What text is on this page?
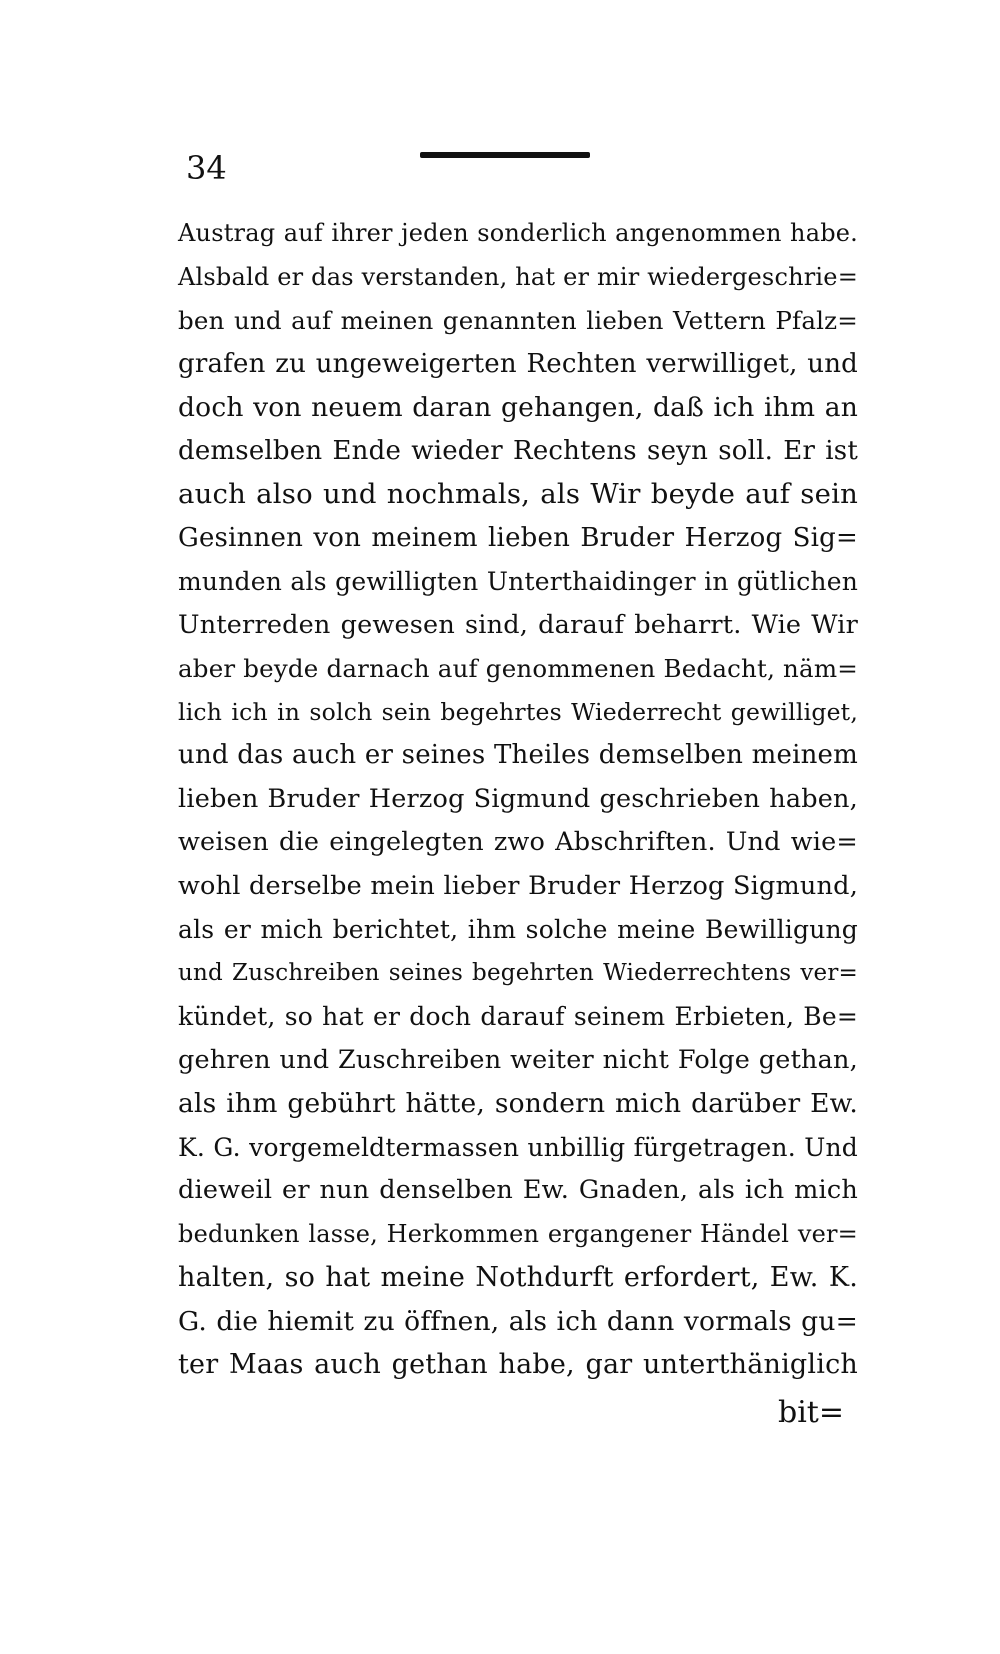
34
Austrag auf ihrer jeden sonderlich angenommen habe.
Alsbald er das verstanden, hat er mir wiedergeschrie=
ben und auf meinen genannten lieben Vettern Pfalz=
grafen zu ungeweigerten Rechten verwilliget, und
doch von neuem daran gehangen, daß ich ihm an
demselben Ende wieder Rechtens seyn soll. Er ist
auch also und nochmals, als Wir beyde auf sein
Gesinnen von meinem lieben Bruder Herzog Sig=
munden als gewilligten Unterthaidinger in gütlichen
Unterreden gewesen sind, darauf beharrt. Wie Wir
aber beyde darnach auf genommenen Bedacht, näm=
lich ich in solch sein begehrtes Wiederrecht gewilliget,
und das auch er seines Theiles demselben meinem
lieben Bruder Herzog Sigmund geschrieben haben,
weisen die eingelegten zwo Abschriften. Und wie=
wohl derselbe mein lieber Bruder Herzog Sigmund,
als er mich berichtet, ihm solche meine Bewilligung
und Zuschreiben seines begehrten Wiederrechtens ver=
kündet, so hat er doch darauf seinem Erbieten, Be=
gehren und Zuschreiben weiter nicht Folge gethan,
als ihm gebührt hätte, sondern mich darüber Ew.
K. G. vorgemeldtermassen unbillig fürgetragen. Und
dieweil er nun denselben Ew. Gnaden, als ich mich
bedunken lasse, Herkommen ergangener Händel ver=
halten, so hat meine Nothdurft erfordert, Ew. K.
G. die hiemit zu öffnen, als ich dann vormals gu=
ter Maas auch gethan habe, gar unterthäniglich
bit=
